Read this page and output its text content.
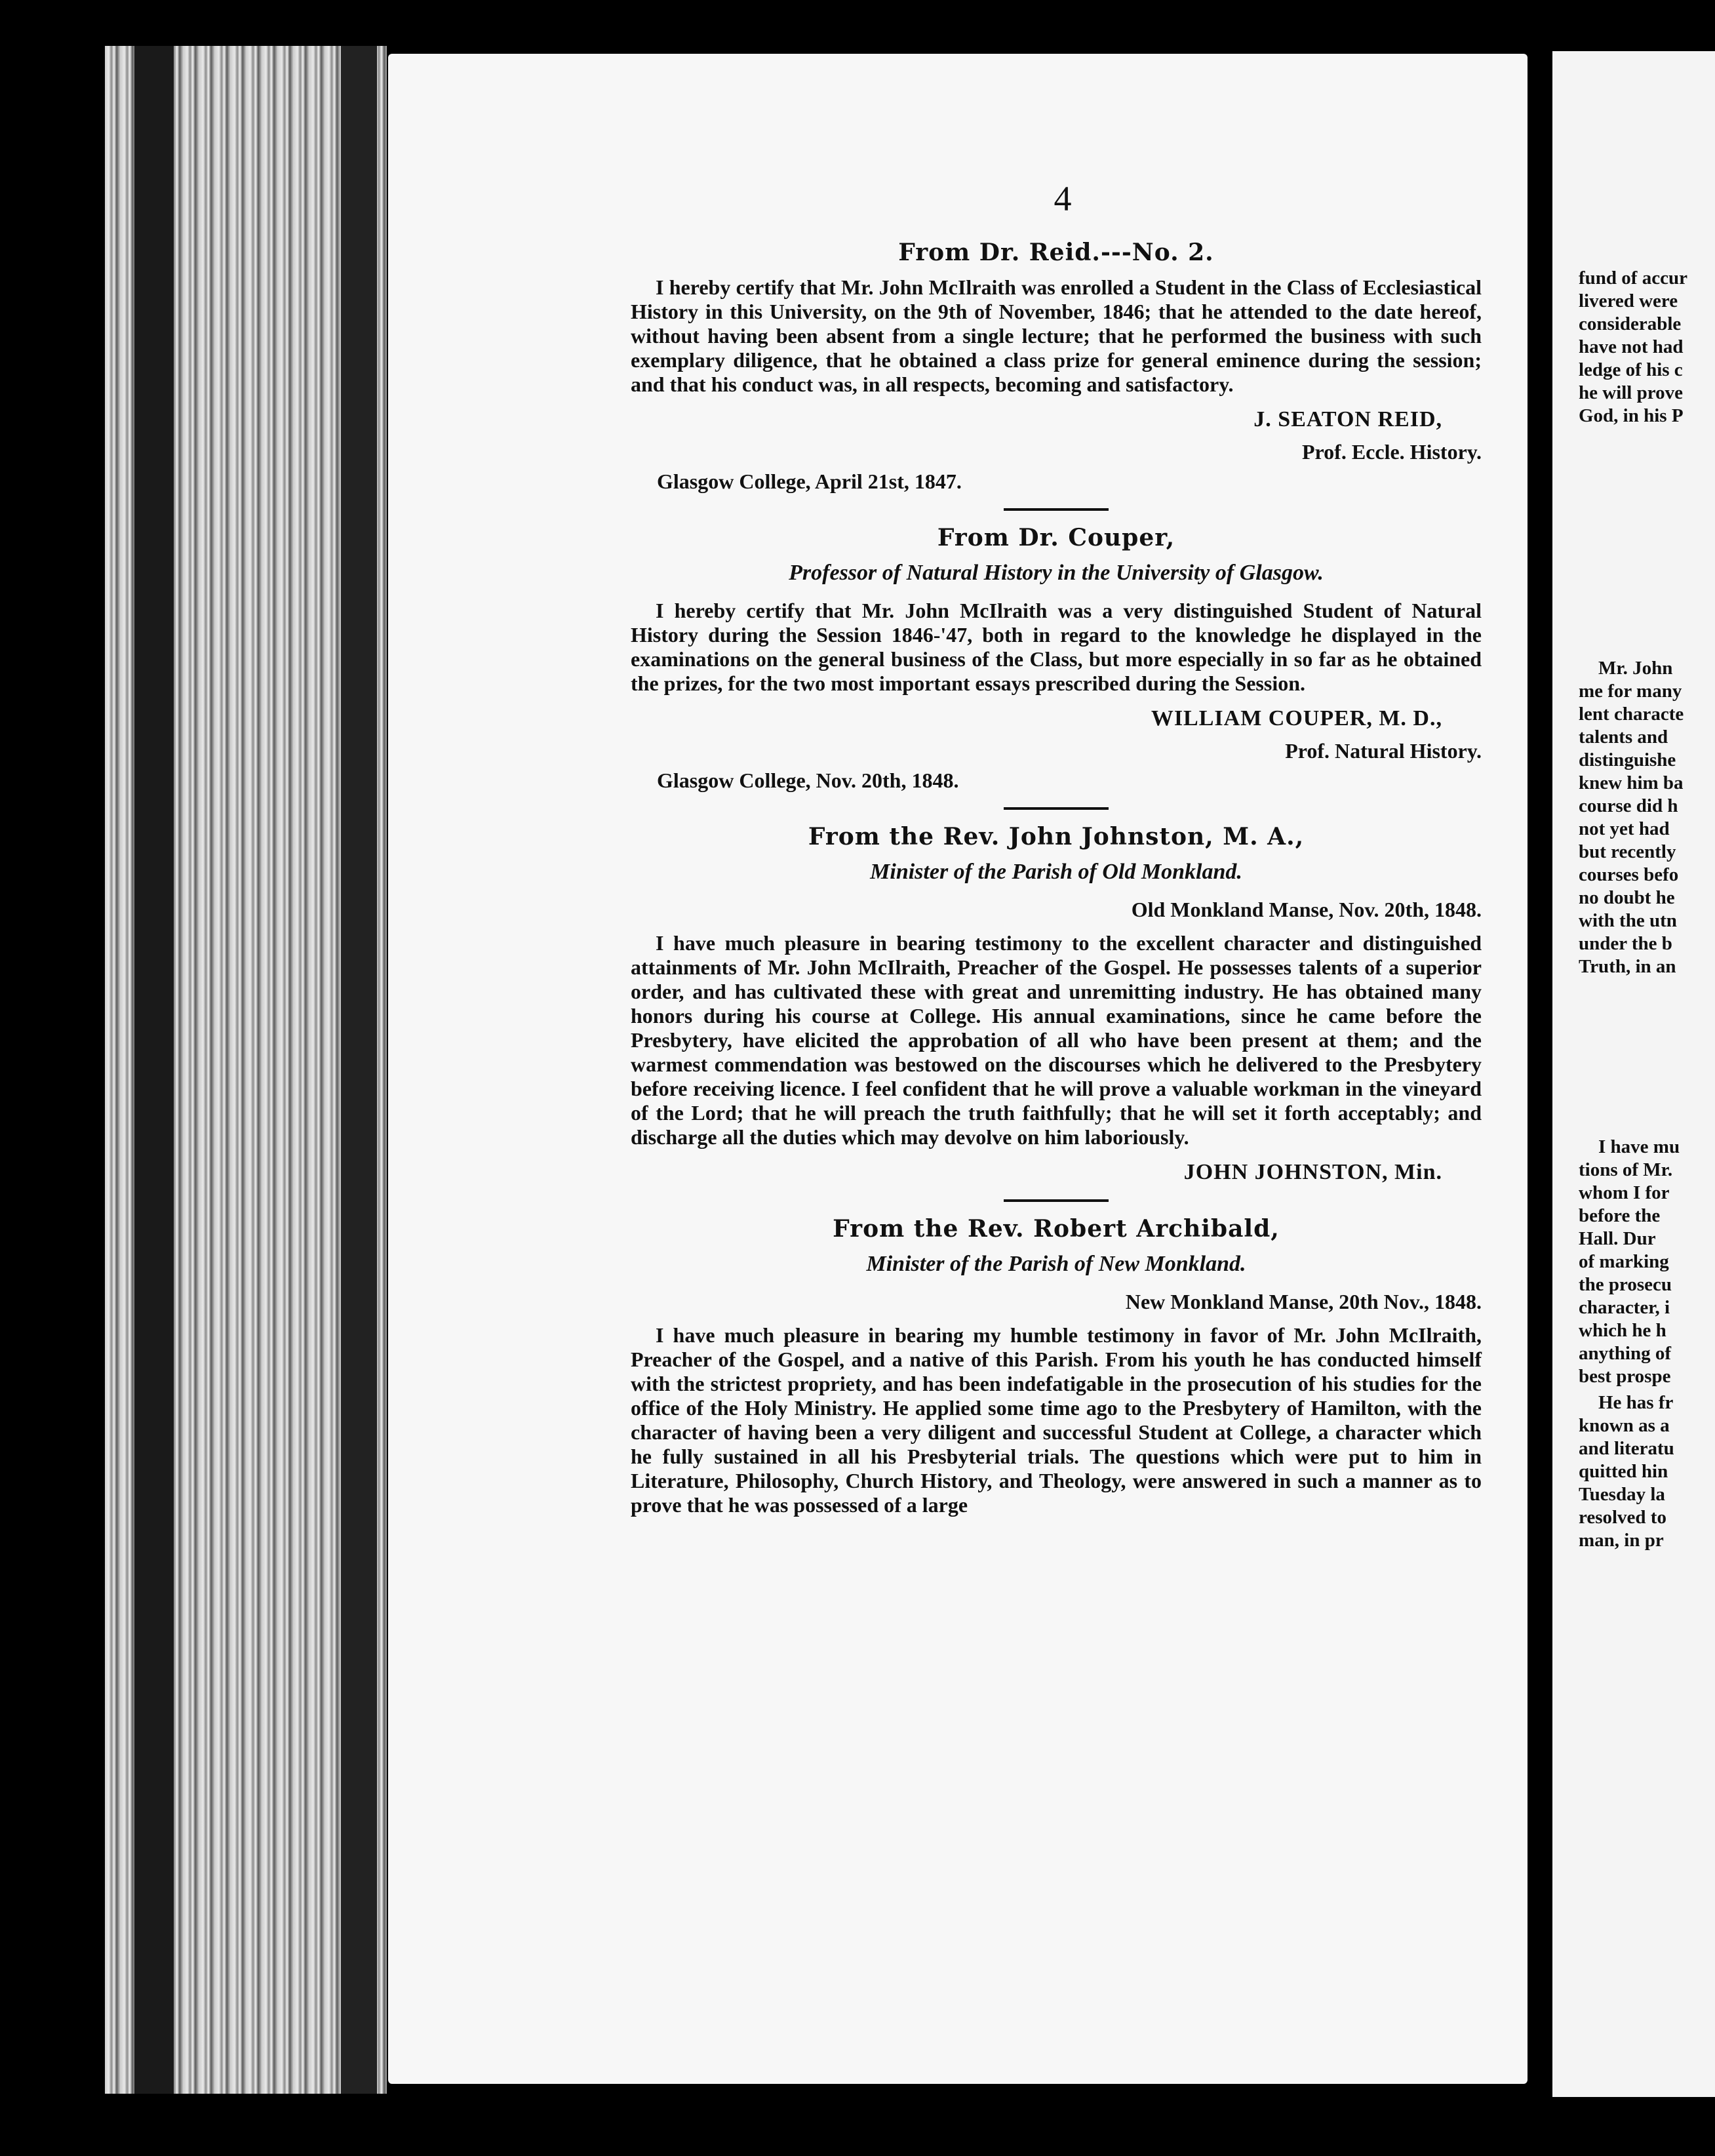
4
From Dr. Reid.---No. 2.

I hereby certify that Mr. John McIlraith was enrolled a Student in the Class of Ecclesiastical History in this University, on the 9th of November, 1846; that he attended to the date hereof, without having been absent from a single lecture; that he performed the business with such exemplary diligence, that he obtained a class prize for general eminence during the session; and that his conduct was, in all respects, becoming and satisfactory.

J. SEATON REID,
Prof. Eccle. History.
Glasgow College, April 21st, 1847.
From Dr. Couper,
Professor of Natural History in the University of Glasgow.

I hereby certify that Mr. John McIlraith was a very distinguished Student of Natural History during the Session 1846-'47, both in regard to the knowledge he displayed in the examinations on the general business of the Class, but more especially in so far as he obtained the prizes, for the two most important essays prescribed during the Session.

WILLIAM COUPER, M. D.,
Prof. Natural History.
Glasgow College, Nov. 20th, 1848.
From the Rev. John Johnston, M. A.,
Minister of the Parish of Old Monkland.
Old Monkland Manse, Nov. 20th, 1848.

I have much pleasure in bearing testimony to the excellent character and distinguished attainments of Mr. John McIlraith, Preacher of the Gospel. He possesses talents of a superior order, and has cultivated these with great and unremitting industry. He has obtained many honors during his course at College. His annual examinations, since he came before the Presbytery, have elicited the approbation of all who have been present at them; and the warmest commendation was bestowed on the discourses which he delivered to the Presbytery before receiving licence. I feel confident that he will prove a valuable workman in the vineyard of the Lord; that he will preach the truth faithfully; that he will set it forth acceptably; and discharge all the duties which may devolve on him laboriously.

JOHN JOHNSTON, Min.
From the Rev. Robert Archibald,
Minister of the Parish of New Monkland.
New Monkland Manse, 20th Nov., 1848.

I have much pleasure in bearing my humble testimony in favor of Mr. John McIlraith, Preacher of the Gospel, and a native of this Parish. From his youth he has conducted himself with the strictest propriety, and has been indefatigable in the prosecution of his studies for the office of the Holy Ministry. He applied some time ago to the Presbytery of Hamilton, with the character of having been a very diligent and successful Student at College, a character which he fully sustained in all his Presbyterial trials. The questions which were put to him in Literature, Philosophy, Church History, and Theology, were answered in such a manner as to prove that he was possessed of a large

fund of accur
livered were
considerable
have not had
ledge of his c
he will prove
God, in his P
Mr. John
me for many
lent characte
talents and
distinguishe
knew him ba
course did h
not yet had
but recently
courses befo
no doubt he
with the utn
under the b
Truth, in an
I have mu
tions of Mr.
whom I for
before the
Hall. Dur
of marking
the prosecu
character, i
which he h
anything of
best prospe
He has fr
known as a
and literatu
quitted hin
Tuesday la
resolved to
man, in pr
